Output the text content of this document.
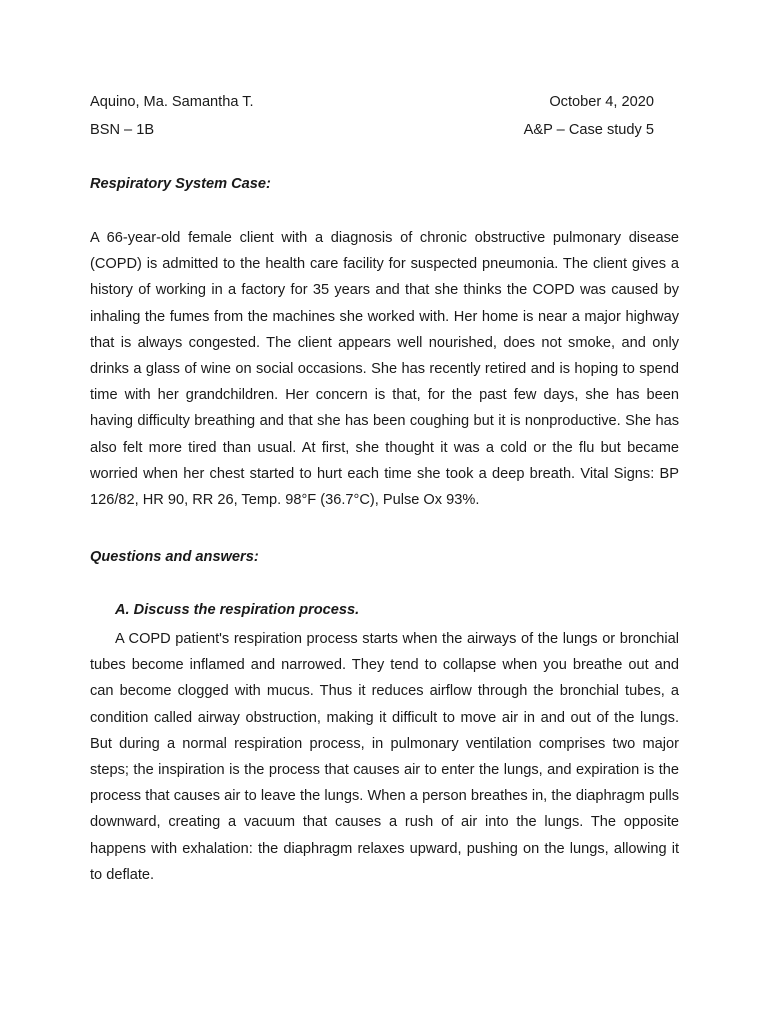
Aquino, Ma. Samantha T.	October 4, 2020
BSN – 1B	A&P – Case study 5
Respiratory System Case:

A 66-year-old female client with a diagnosis of chronic obstructive pulmonary disease (COPD) is admitted to the health care facility for suspected pneumonia. The client gives a history of working in a factory for 35 years and that she thinks the COPD was caused by inhaling the fumes from the machines she worked with. Her home is near a major highway that is always congested. The client appears well nourished, does not smoke, and only drinks a glass of wine on social occasions. She has recently retired and is hoping to spend time with her grandchildren. Her concern is that, for the past few days, she has been having difficulty breathing and that she has been coughing but it is nonproductive. She has also felt more tired than usual. At first, she thought it was a cold or the flu but became worried when her chest started to hurt each time she took a deep breath. Vital Signs: BP 126/82, HR 90, RR 26, Temp. 98°F (36.7°C), Pulse Ox 93%.

Questions and answers:
A. Discuss the respiration process.

A COPD patient's respiration process starts when the airways of the lungs or bronchial tubes become inflamed and narrowed. They tend to collapse when you breathe out and can become clogged with mucus. Thus it reduces airflow through the bronchial tubes, a condition called airway obstruction, making it difficult to move air in and out of the lungs. But during a normal respiration process, in pulmonary ventilation comprises two major steps; the inspiration is the process that causes air to enter the lungs, and expiration is the process that causes air to leave the lungs. When a person breathes in, the diaphragm pulls downward, creating a vacuum that causes a rush of air into the lungs. The opposite happens with exhalation: the diaphragm relaxes upward, pushing on the lungs, allowing it to deflate.
